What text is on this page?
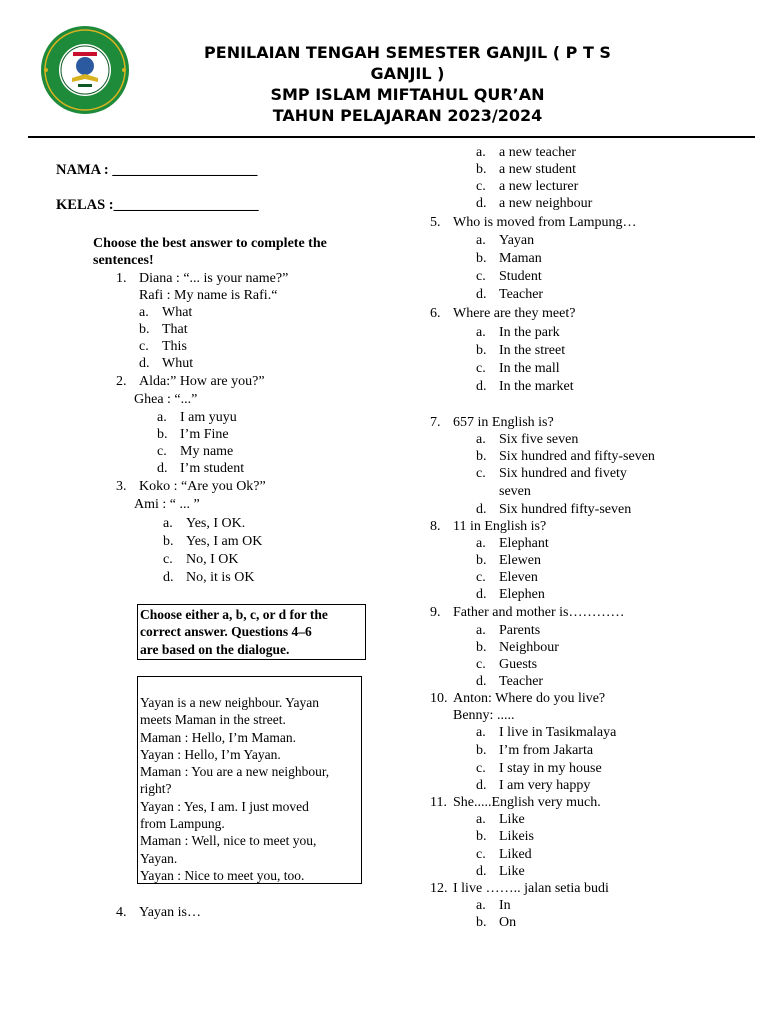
PENILAIAN TENGAH SEMESTER GANJIL ( P T S
GANJIL )
SMP ISLAM MIFTAHUL QUR’AN
TAHUN PELAJARAN 2023/2024
NAMA : ____________________
KELAS :____________________
Choose the best answer to complete the
sentences!
1. Diana : “... is your name?”
Rafi : My name is Rafi.“
a. What
b. That
c. This
d. Whut
2. Alda:” How are you?”
Ghea : “...”
a. I am yuyu
b. I’m Fine
c. My name
d. I’m student
3. Koko : “Are you Ok?”
Ami : “ ... ”
a. Yes, I OK.
b. Yes, I am OK
c. No, I OK
d. No, it is OK
Choose either a, b, c, or d for the
correct answer. Questions 4–6
are based on the dialogue.
Yayan is a new neighbour. Yayan
meets Maman in the street.
Maman : Hello, I’m Maman.
Yayan : Hello, I’m Yayan.
Maman : You are a new neighbour,
right?
Yayan : Yes, I am. I just moved
from Lampung.
Maman : Well, nice to meet you,
Yayan.
Yayan : Nice to meet you, too.
4. Yayan is…
a. a new teacher
b. a new student
c. a new lecturer
d. a new neighbour
5. Who is moved from Lampung…
a. Yayan
b. Maman
c. Student
d. Teacher
6. Where are they meet?
a. In the park
b. In the street
c. In the mall
d. In the market
7. 657 in English is?
a. Six five seven
b. Six hundred and fifty-seven
c. Six hundred and fivety
seven
d. Six hundred fifty-seven
8. 11 in English is?
a. Elephant
b. Elewen
c. Eleven
d. Elephen
9. Father and mother is…………
a. Parents
b. Neighbour
c. Guests
d. Teacher
10. Anton: Where do you live?
Benny: .....
a. I live in Tasikmalaya
b. I’m from Jakarta
c. I stay in my house
d. I am very happy
11. She.....English very much.
a. Like
b. Likeis
c. Liked
d. Like
12. I live …….. jalan setia budi
a. In
b. On
